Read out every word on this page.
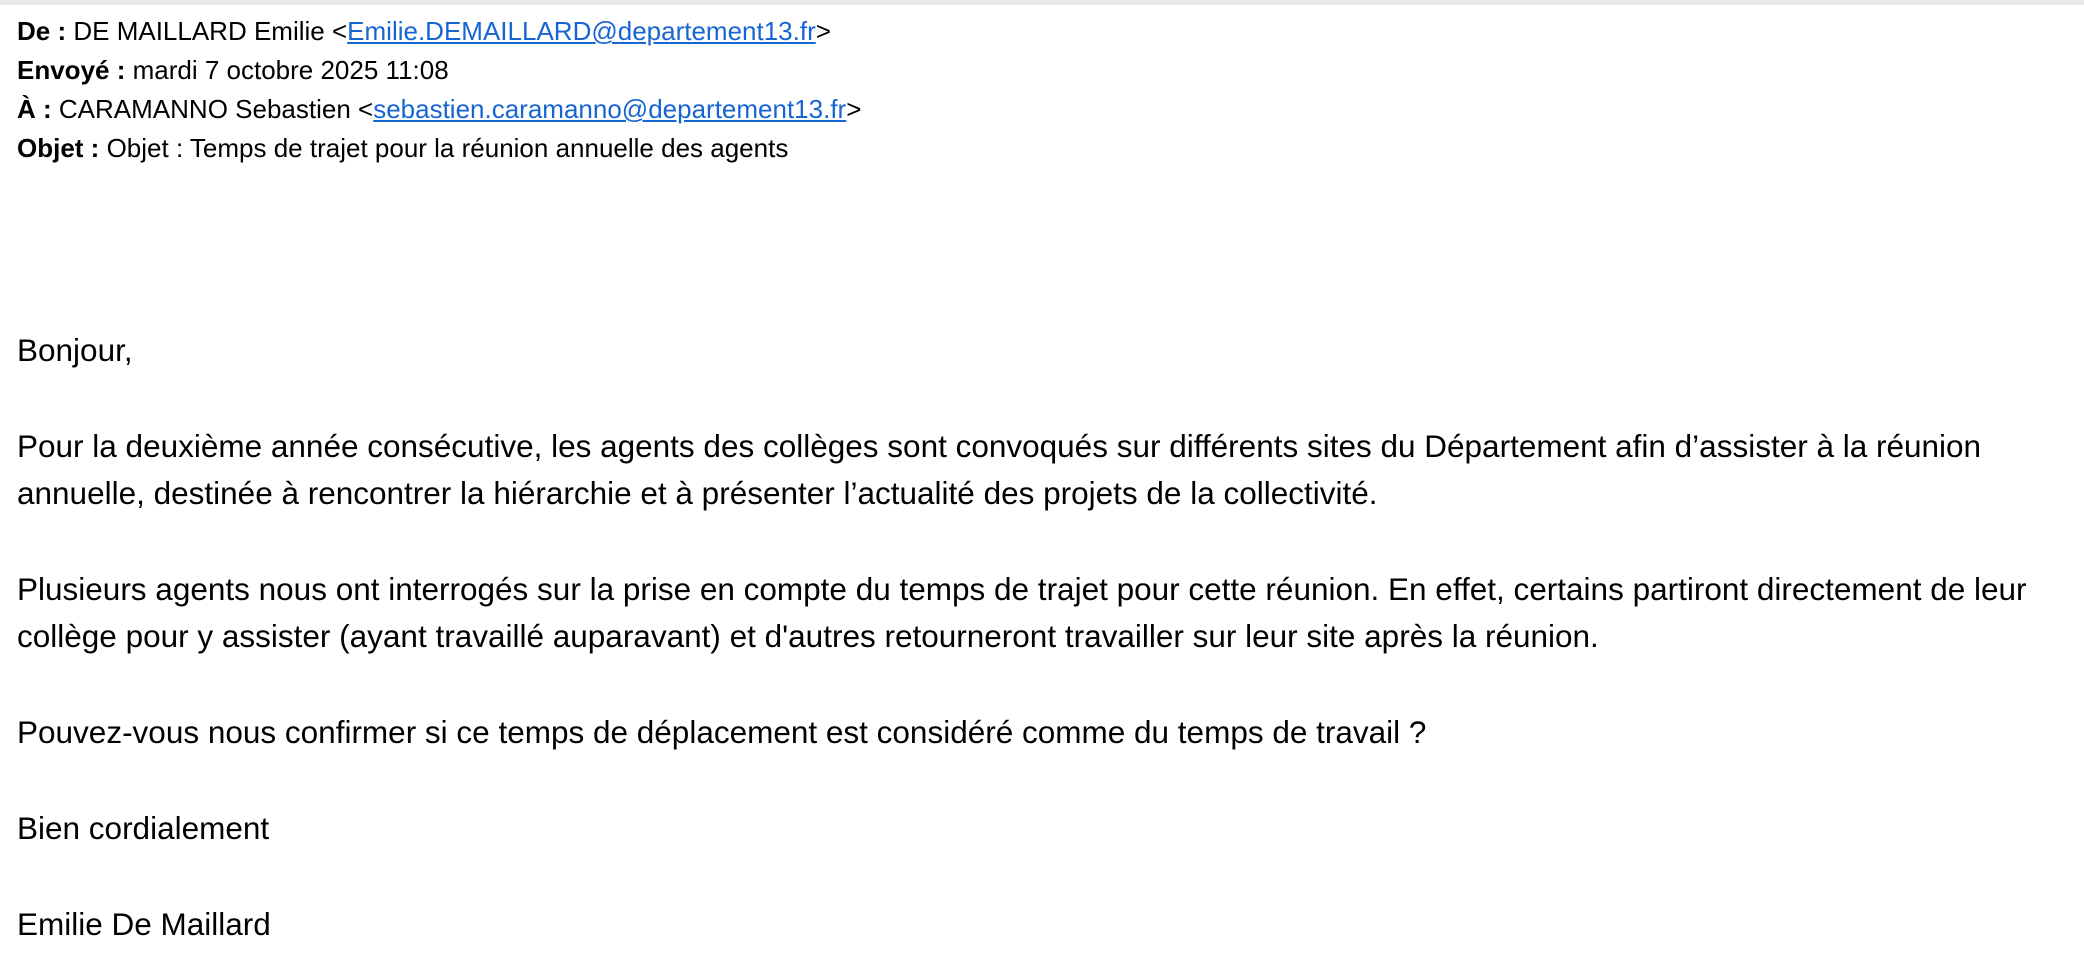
De : DE MAILLARD Emilie <Emilie.DEMAILLARD@departement13.fr>
Envoyé : mardi 7 octobre 2025 11:08
À : CARAMANNO Sebastien <sebastien.caramanno@departement13.fr>
Objet : Objet : Temps de trajet pour la réunion annuelle des agents

Bonjour,

Pour la deuxième année consécutive, les agents des collèges sont convoqués sur différents sites du Département afin d’assister à la réunion annuelle, destinée à rencontrer la hiérarchie et à présenter l’actualité des projets de la collectivité.

Plusieurs agents nous ont interrogés sur la prise en compte du temps de trajet pour cette réunion. En effet, certains partiront directement de leur collège pour y assister (ayant travaillé auparavant) et d'autres retourneront travailler sur leur site après la réunion.

Pouvez-vous nous confirmer si ce temps de déplacement est considéré comme du temps de travail ?

Bien cordialement

Emilie De Maillard
